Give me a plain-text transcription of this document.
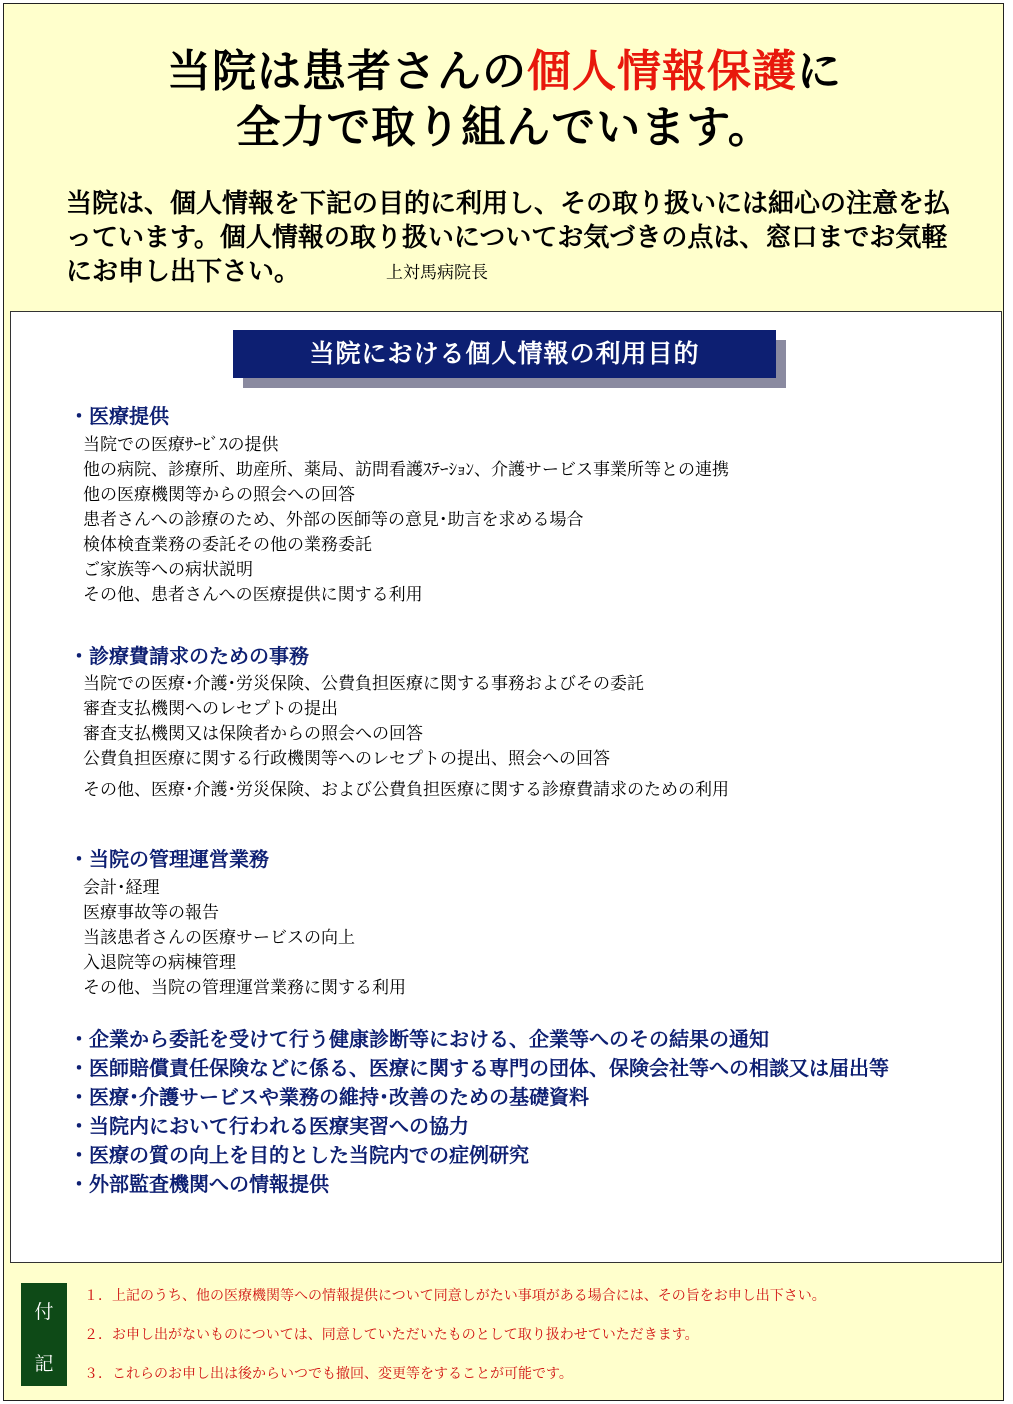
当院は患者さんの個人情報保護に
全力で取り組んでいます。
当院は、個人情報を下記の目的に利用し、その取り扱いには細心の注意を払っています。個人情報の取り扱いについてお気づきの点は、窓口までお気軽にお申し出下さい。	上対馬病院長
当院における個人情報の利用目的
・医療提供
当院での医療ｻｰﾋﾞｽの提供
他の病院、診療所、助産所、薬局、訪問看護ｽﾃｰｼｮﾝ、介護サービス事業所等との連携
他の医療機関等からの照会への回答
患者さんへの診療のため、外部の医師等の意見･助言を求める場合
検体検査業務の委託その他の業務委託
ご家族等への病状説明
その他、患者さんへの医療提供に関する利用
・診療費請求のための事務
当院での医療･介護･労災保険、公費負担医療に関する事務およびその委託
審査支払機関へのレセプトの提出
審査支払機関又は保険者からの照会への回答
公費負担医療に関する行政機関等へのレセプトの提出、照会への回答
その他、医療･介護･労災保険、および公費負担医療に関する診療費請求のための利用
・当院の管理運営業務
会計･経理
医療事故等の報告
当該患者さんの医療サービスの向上
入退院等の病棟管理
その他、当院の管理運営業務に関する利用
・企業から委託を受けて行う健康診断等における、企業等へのその結果の通知
・医師賠償責任保険などに係る、医療に関する専門の団体、保険会社等への相談又は届出等
・医療･介護サービスや業務の維持･改善のための基礎資料
・当院内において行われる医療実習への協力
・医療の質の向上を目的とした当院内での症例研究
・外部監査機関への情報提供
付
記
１．上記のうち、他の医療機関等への情報提供について同意しがたい事項がある場合には、その旨をお申し出下さい。
２．お申し出がないものについては、同意していただいたものとして取り扱わせていただきます。
３．これらのお申し出は後からいつでも撤回、変更等をすることが可能です。
